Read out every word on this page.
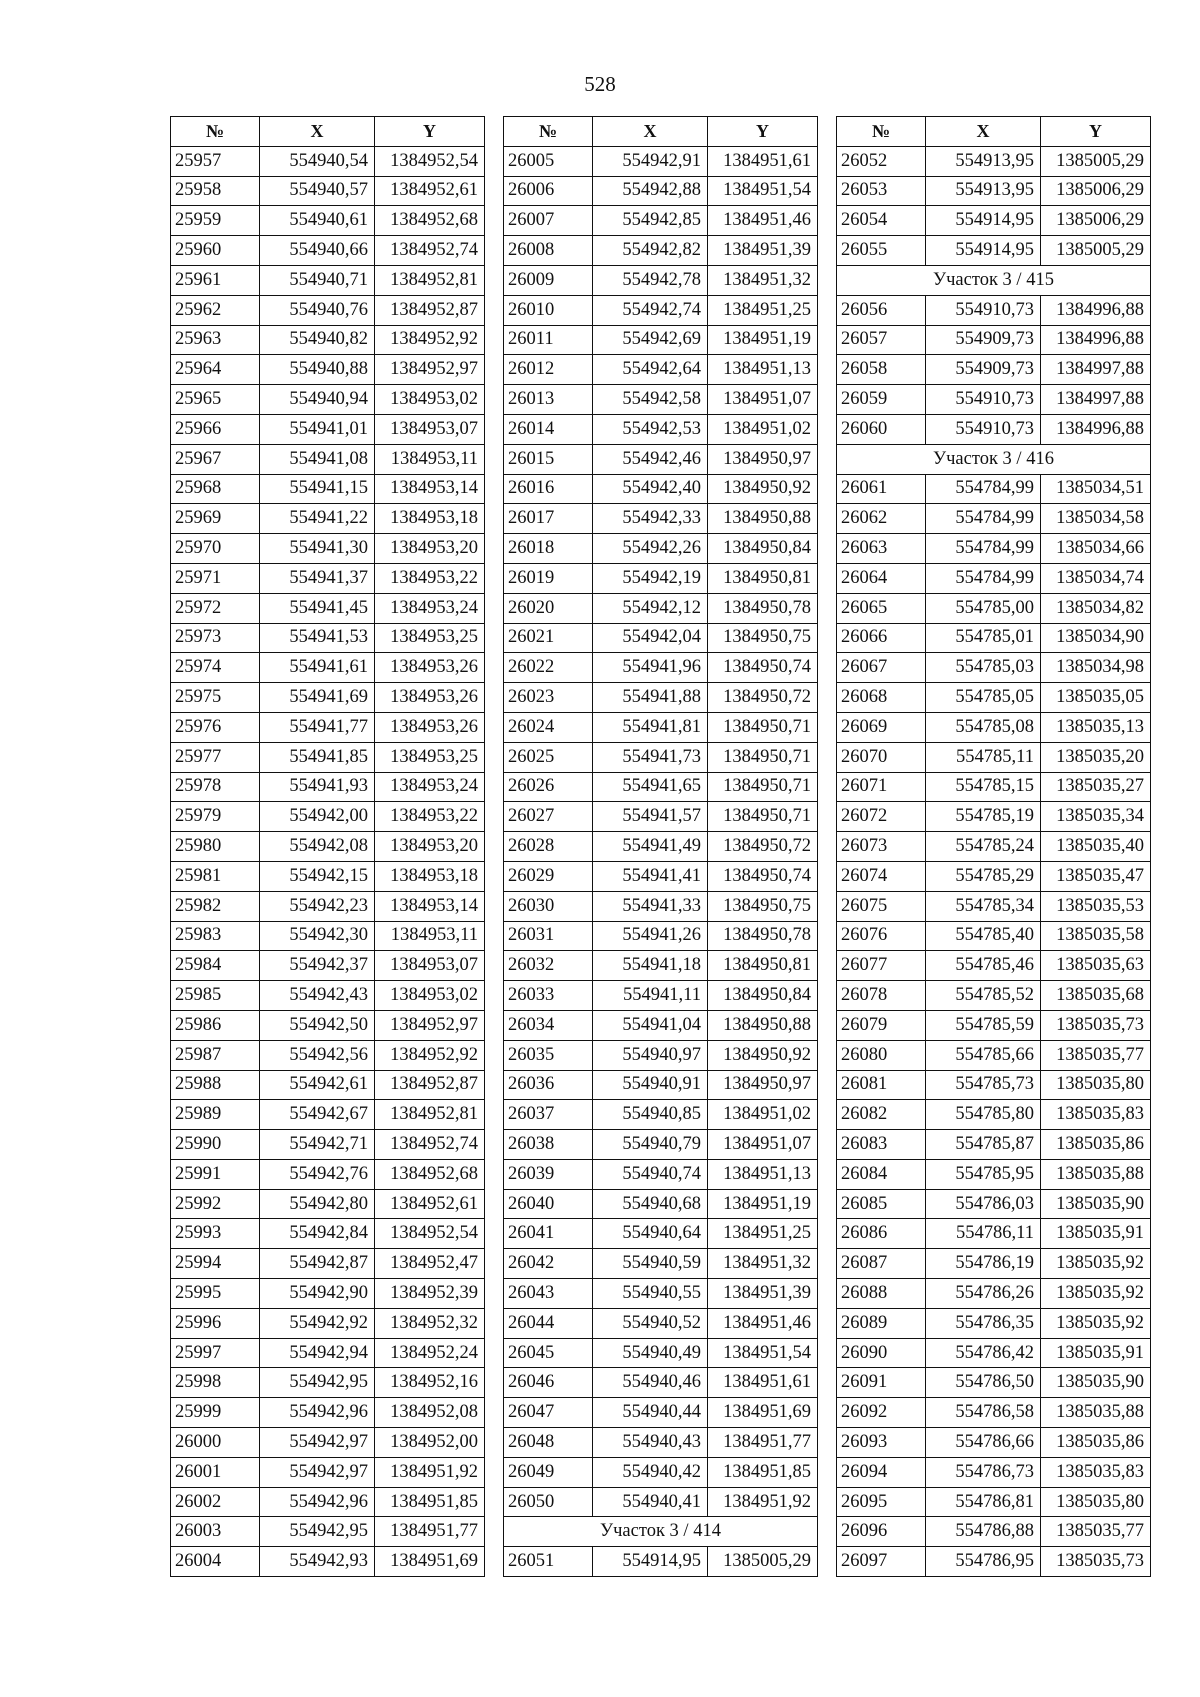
528
№	X	Y
25957	554940,54	1384952,54
25958	554940,57	1384952,61
25959	554940,61	1384952,68
25960	554940,66	1384952,74
25961	554940,71	1384952,81
25962	554940,76	1384952,87
25963	554940,82	1384952,92
25964	554940,88	1384952,97
25965	554940,94	1384953,02
25966	554941,01	1384953,07
25967	554941,08	1384953,11
25968	554941,15	1384953,14
25969	554941,22	1384953,18
25970	554941,30	1384953,20
25971	554941,37	1384953,22
25972	554941,45	1384953,24
25973	554941,53	1384953,25
25974	554941,61	1384953,26
25975	554941,69	1384953,26
25976	554941,77	1384953,26
25977	554941,85	1384953,25
25978	554941,93	1384953,24
25979	554942,00	1384953,22
25980	554942,08	1384953,20
25981	554942,15	1384953,18
25982	554942,23	1384953,14
25983	554942,30	1384953,11
25984	554942,37	1384953,07
25985	554942,43	1384953,02
25986	554942,50	1384952,97
25987	554942,56	1384952,92
25988	554942,61	1384952,87
25989	554942,67	1384952,81
25990	554942,71	1384952,74
25991	554942,76	1384952,68
25992	554942,80	1384952,61
25993	554942,84	1384952,54
25994	554942,87	1384952,47
25995	554942,90	1384952,39
25996	554942,92	1384952,32
25997	554942,94	1384952,24
25998	554942,95	1384952,16
25999	554942,96	1384952,08
26000	554942,97	1384952,00
26001	554942,97	1384951,92
26002	554942,96	1384951,85
26003	554942,95	1384951,77
26004	554942,93	1384951,69
№	X	Y
26005	554942,91	1384951,61
26006	554942,88	1384951,54
26007	554942,85	1384951,46
26008	554942,82	1384951,39
26009	554942,78	1384951,32
26010	554942,74	1384951,25
26011	554942,69	1384951,19
26012	554942,64	1384951,13
26013	554942,58	1384951,07
26014	554942,53	1384951,02
26015	554942,46	1384950,97
26016	554942,40	1384950,92
26017	554942,33	1384950,88
26018	554942,26	1384950,84
26019	554942,19	1384950,81
26020	554942,12	1384950,78
26021	554942,04	1384950,75
26022	554941,96	1384950,74
26023	554941,88	1384950,72
26024	554941,81	1384950,71
26025	554941,73	1384950,71
26026	554941,65	1384950,71
26027	554941,57	1384950,71
26028	554941,49	1384950,72
26029	554941,41	1384950,74
26030	554941,33	1384950,75
26031	554941,26	1384950,78
26032	554941,18	1384950,81
26033	554941,11	1384950,84
26034	554941,04	1384950,88
26035	554940,97	1384950,92
26036	554940,91	1384950,97
26037	554940,85	1384951,02
26038	554940,79	1384951,07
26039	554940,74	1384951,13
26040	554940,68	1384951,19
26041	554940,64	1384951,25
26042	554940,59	1384951,32
26043	554940,55	1384951,39
26044	554940,52	1384951,46
26045	554940,49	1384951,54
26046	554940,46	1384951,61
26047	554940,44	1384951,69
26048	554940,43	1384951,77
26049	554940,42	1384951,85
26050	554940,41	1384951,92
Участок 3 / 414		
26051	554914,95	1385005,29
№	X	Y
26052	554913,95	1385005,29
26053	554913,95	1385006,29
26054	554914,95	1385006,29
26055	554914,95	1385005,29
Участок 3 / 415		
26056	554910,73	1384996,88
26057	554909,73	1384996,88
26058	554909,73	1384997,88
26059	554910,73	1384997,88
26060	554910,73	1384996,88
Участок 3 / 416		
26061	554784,99	1385034,51
26062	554784,99	1385034,58
26063	554784,99	1385034,66
26064	554784,99	1385034,74
26065	554785,00	1385034,82
26066	554785,01	1385034,90
26067	554785,03	1385034,98
26068	554785,05	1385035,05
26069	554785,08	1385035,13
26070	554785,11	1385035,20
26071	554785,15	1385035,27
26072	554785,19	1385035,34
26073	554785,24	1385035,40
26074	554785,29	1385035,47
26075	554785,34	1385035,53
26076	554785,40	1385035,58
26077	554785,46	1385035,63
26078	554785,52	1385035,68
26079	554785,59	1385035,73
26080	554785,66	1385035,77
26081	554785,73	1385035,80
26082	554785,80	1385035,83
26083	554785,87	1385035,86
26084	554785,95	1385035,88
26085	554786,03	1385035,90
26086	554786,11	1385035,91
26087	554786,19	1385035,92
26088	554786,26	1385035,92
26089	554786,35	1385035,92
26090	554786,42	1385035,91
26091	554786,50	1385035,90
26092	554786,58	1385035,88
26093	554786,66	1385035,86
26094	554786,73	1385035,83
26095	554786,81	1385035,80
26096	554786,88	1385035,77
26097	554786,95	1385035,73
